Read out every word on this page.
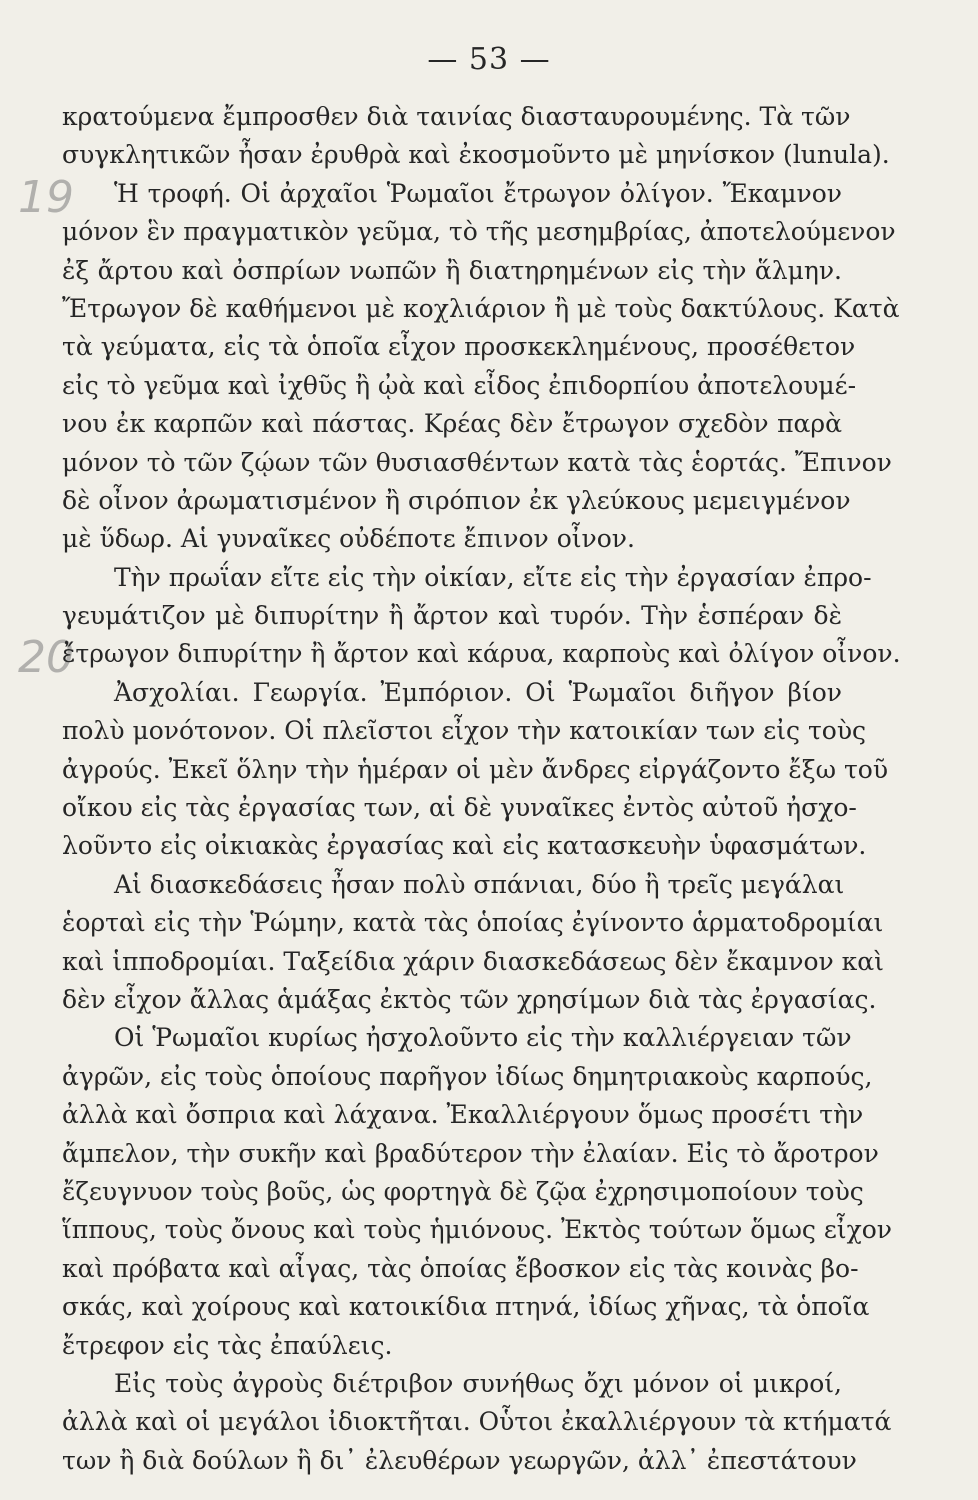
— 53 —
19
20
κρατούμενα ἔμπροσθεν διὰ ταινίας διασταυρουμένης. Τὰ τῶν
συγκλητικῶν ἦσαν ἐρυθρὰ καὶ ἐκοσμοῦντο μὲ μηνίσκον (lunula).
Ἡ τροφή. Οἱ ἀρχαῖοι Ῥωμαῖοι ἔτρωγον ὀλίγον. Ἔκαμνον
μόνον ἓν πραγματικὸν γεῦμα, τὸ τῆς μεσημβρίας, ἀποτελούμενον
ἐξ ἄρτου καὶ ὀσπρίων νωπῶν ἢ διατηρημένων εἰς τὴν ἅλμην.
Ἔτρωγον δὲ καθήμενοι μὲ κοχλιάριον ἢ μὲ τοὺς δακτύλους. Κατὰ
τὰ γεύματα, εἰς τὰ ὁποῖα εἶχον προσκεκλημένους, προσέθετον
εἰς τὸ γεῦμα καὶ ἰχθῦς ἢ ᾠὰ καὶ εἶδος ἐπιδορπίου ἀποτελουμέ-
νου ἐκ καρπῶν καὶ πάστας. Κρέας δὲν ἔτρωγον σχεδὸν παρὰ
μόνον τὸ τῶν ζῴων τῶν θυσιασθέντων κατὰ τὰς ἑορτάς. Ἔπινον
δὲ οἶνον ἀρωματισμένον ἢ σιρόπιον ἐκ γλεύκους μεμειγμένον
μὲ ὕδωρ. Αἱ γυναῖκες οὐδέποτε ἔπινον οἶνον.
Τὴν πρωΐαν εἴτε εἰς τὴν οἰκίαν, εἴτε εἰς τὴν ἐργασίαν ἐπρο-
γευμάτιζον μὲ διπυρίτην ἢ ἄρτον καὶ τυρόν. Τὴν ἑσπέραν δὲ
ἔτρωγον διπυρίτην ἢ ἄρτον καὶ κάρυα, καρποὺς καὶ ὀλίγον οἶνον.
Ἀσχολίαι. Γεωργία. Ἐμπόριον. Οἱ Ῥωμαῖοι διῆγον βίον
πολὺ μονότονον. Οἱ πλεῖστοι εἶχον τὴν κατοικίαν των εἰς τοὺς
ἀγρούς. Ἐκεῖ ὅλην τὴν ἡμέραν οἱ μὲν ἄνδρες εἰργάζοντο ἔξω τοῦ
οἴκου εἰς τὰς ἐργασίας των, αἱ δὲ γυναῖκες ἐντὸς αὐτοῦ ἠσχο-
λοῦντο εἰς οἰκιακὰς ἐργασίας καὶ εἰς κατασκευὴν ὑφασμάτων.
Αἱ διασκεδάσεις ἦσαν πολὺ σπάνιαι, δύο ἢ τρεῖς μεγάλαι
ἑορταὶ εἰς τὴν Ῥώμην, κατὰ τὰς ὁποίας ἐγίνοντο ἁρματοδρομίαι
καὶ ἱπποδρομίαι. Ταξείδια χάριν διασκεδάσεως δὲν ἔκαμνον καὶ
δὲν εἶχον ἄλλας ἁμάξας ἐκτὸς τῶν χρησίμων διὰ τὰς ἐργασίας.
Οἱ Ῥωμαῖοι κυρίως ἠσχολοῦντο εἰς τὴν καλλιέργειαν τῶν
ἀγρῶν, εἰς τοὺς ὁποίους παρῆγον ἰδίως δημητριακοὺς καρπούς,
ἀλλὰ καὶ ὄσπρια καὶ λάχανα. Ἐκαλλιέργουν ὅμως προσέτι τὴν
ἄμπελον, τὴν συκῆν καὶ βραδύτερον τὴν ἐλαίαν. Εἰς τὸ ἄροτρον
ἔζευγνυον τοὺς βοῦς, ὡς φορτηγὰ δὲ ζῷα ἐχρησιμοποίουν τοὺς
ἵππους, τοὺς ὄνους καὶ τοὺς ἡμιόνους. Ἐκτὸς τούτων ὅμως εἶχον
καὶ πρόβατα καὶ αἶγας, τὰς ὁποίας ἔβοσκον εἰς τὰς κοινὰς βο-
σκάς, καὶ χοίρους καὶ κατοικίδια πτηνά, ἰδίως χῆνας, τὰ ὁποῖα
ἔτρεφον εἰς τὰς ἐπαύλεις.
Εἰς τοὺς ἀγροὺς διέτριβον συνήθως ὄχι μόνον οἱ μικροί,
ἀλλὰ καὶ οἱ μεγάλοι ἰδιοκτῆται. Οὗτοι ἐκαλλιέργουν τὰ κτήματά
των ἢ διὰ δούλων ἢ δι᾿ ἐλευθέρων γεωργῶν, ἀλλ᾿ ἐπεστάτουν
